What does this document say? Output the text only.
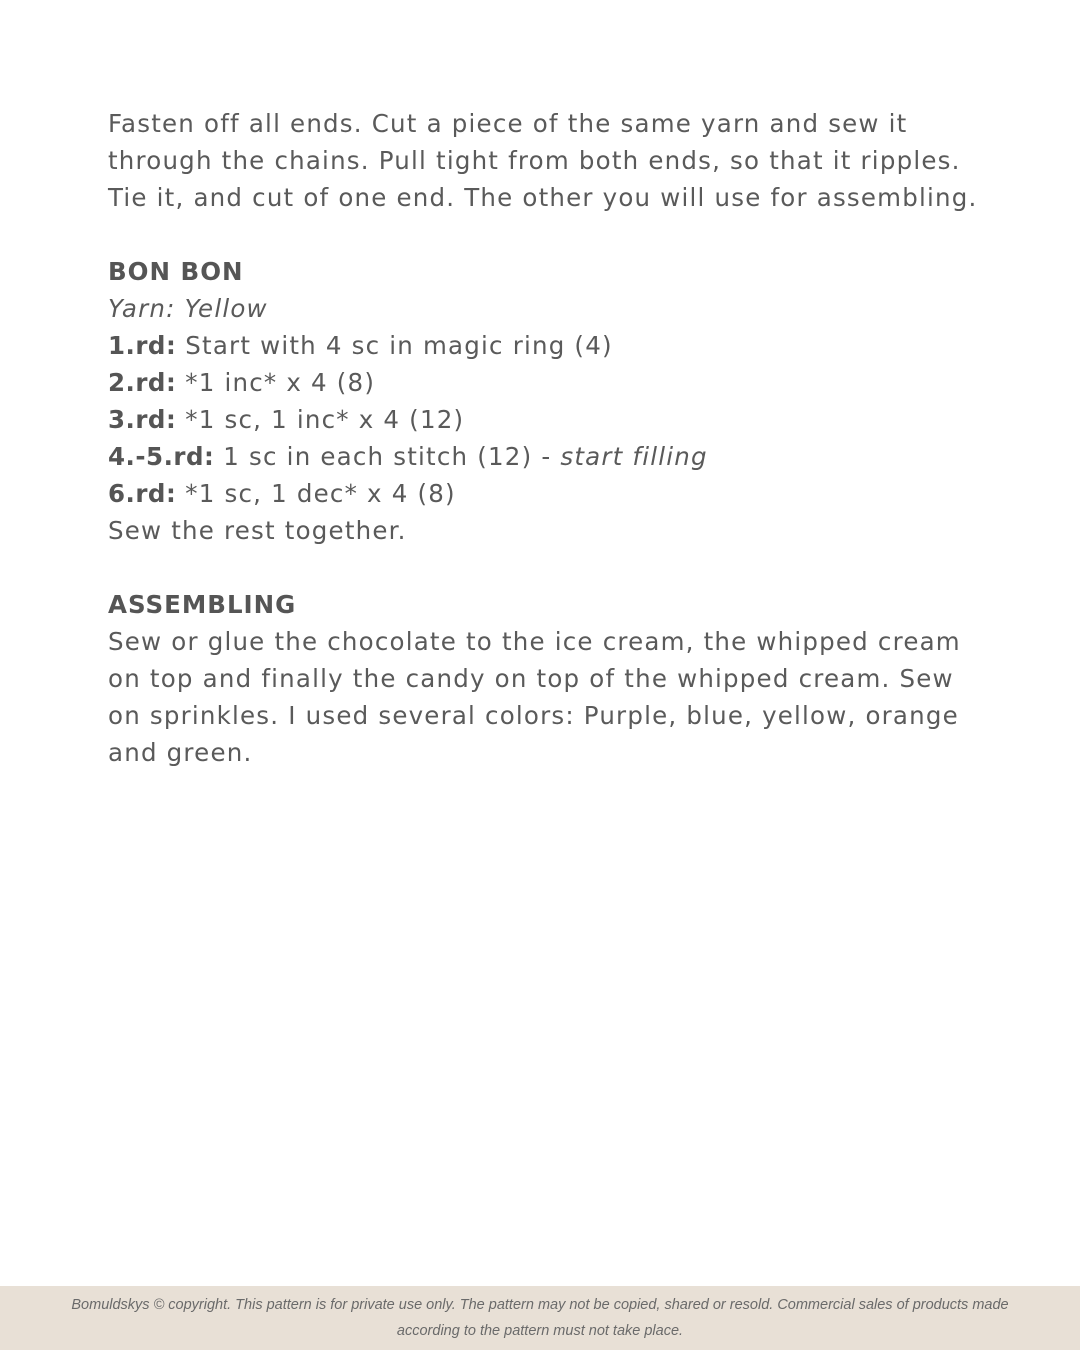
Fasten off all ends. Cut a piece of the same yarn and sew it through the chains. Pull tight from both ends, so that it ripples. Tie it, and cut of one end. The other you will use for assembling.

BON BON

Yarn: Yellow

1.rd: Start with 4 sc in magic ring (4)

2.rd: *1 inc* x 4 (8)

3.rd: *1 sc, 1 inc* x 4 (12)

4.-5.rd: 1 sc in each stitch (12) - start filling

6.rd: *1 sc, 1 dec* x 4 (8)

Sew the rest together.

ASSEMBLING

Sew or glue the chocolate to the ice cream, the whipped cream on top and finally the candy on top of the whipped cream. Sew on sprinkles. I used several colors: Purple, blue, yellow, orange and green.

Bomuldskys © copyright. This pattern is for private use only. The pattern may not be copied, shared or resold. Commercial sales of products made according to the pattern must not take place.
